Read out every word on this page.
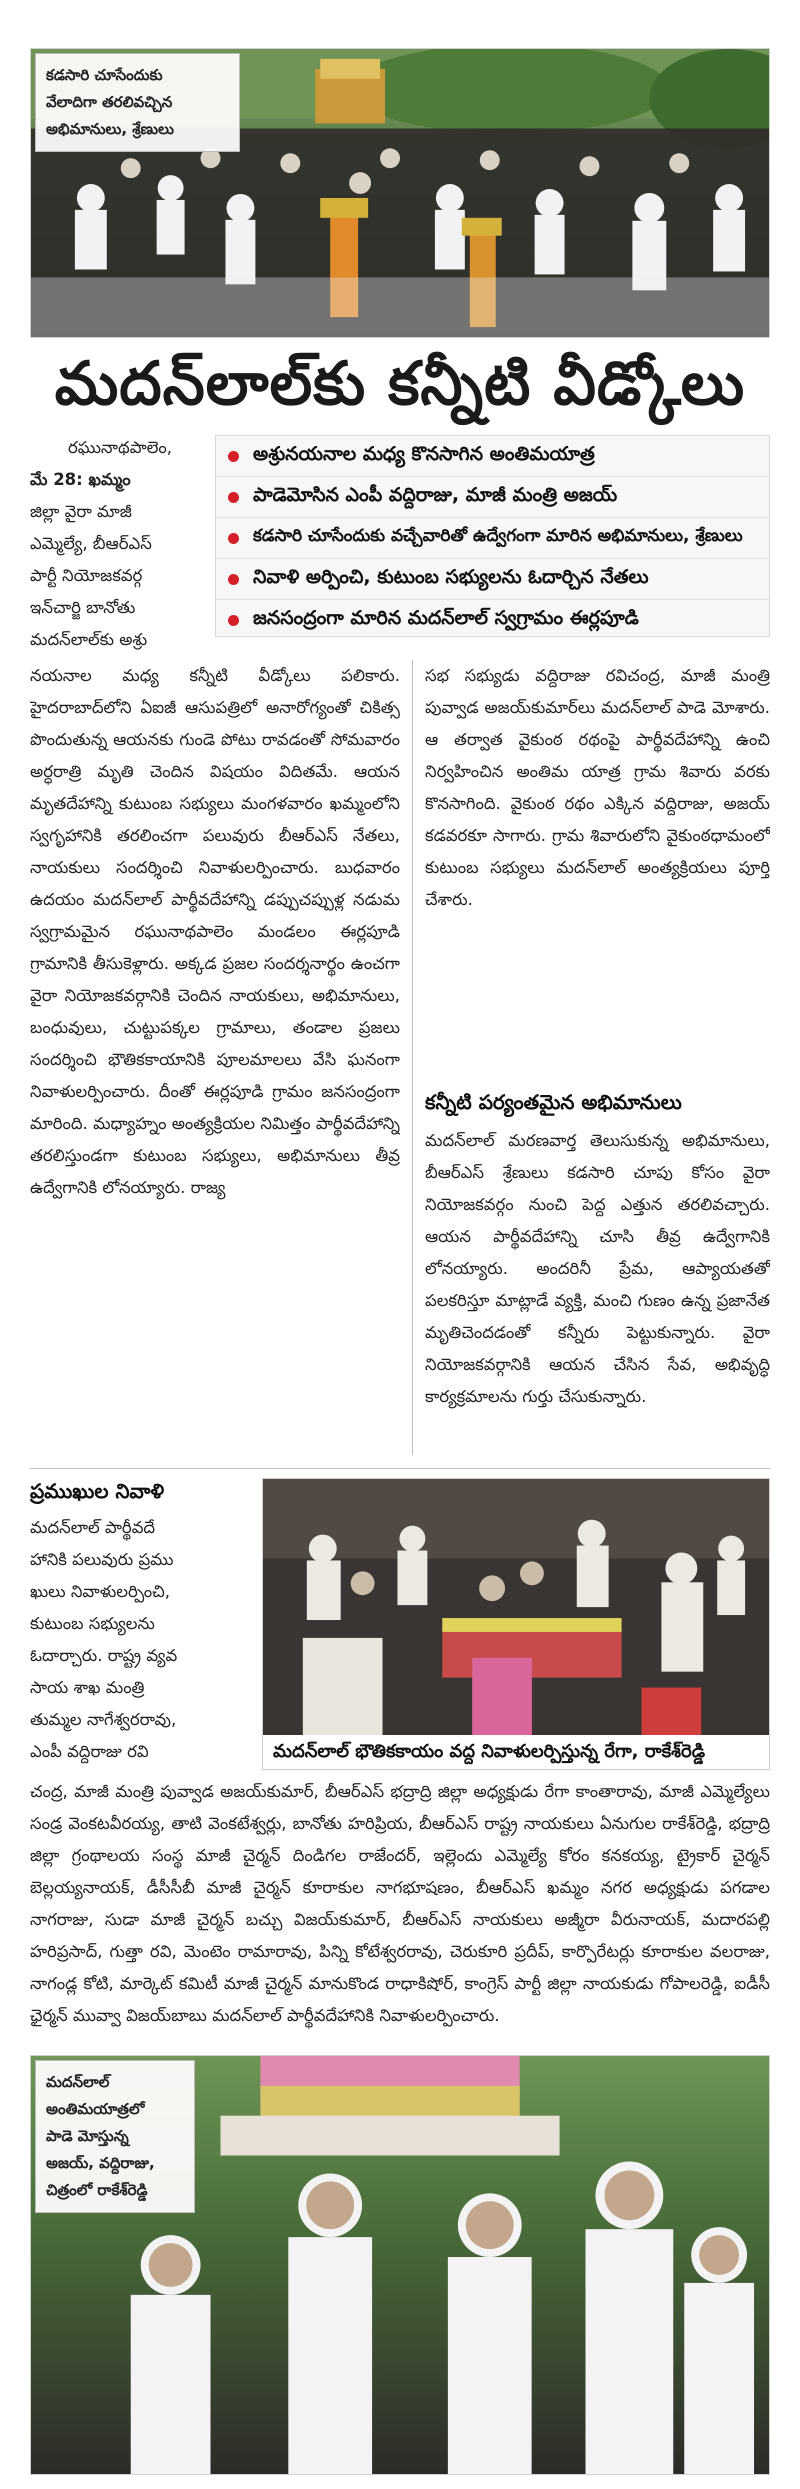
కడసారి చూసేందుకు
వేలాదిగా తరలివచ్చిన
అభిమానులు, శ్రేణులు
మదన్‌లాల్‌కు కన్నీటి వీడ్కోలు
రఘునాథపాలెం,
మే 28: ఖమ్మం
జిల్లా వైరా మాజీ
ఎమ్మెల్యే, బీఆర్‌ఎస్‌
పార్టీ నియోజకవర్గ
ఇన్‌చార్జి బానోతు
మదన్‌లాల్‌కు అశ్రు
అశ్రునయనాల మధ్య కొనసాగిన అంతిమయాత్ర
పాడెమోసిన ఎంపీ వద్దిరాజు, మాజీ మంత్రి అజయ్
కడసారి చూసేందుకు వచ్చేవారితో ఉద్వేగంగా మారిన అభిమానులు, శ్రేణులు
నివాళి అర్పించి, కుటుంబ సభ్యులను ఓదార్చిన నేతలు
జనసంద్రంగా మారిన మదన్‌లాల్‌ స్వగ్రామం ఈర్లపూడి
నయనాల మధ్య కన్నీటి వీడ్కోలు పలికారు. హైదరాబాద్‌లోని ఏఐజీ ఆసుపత్రిలో అనారోగ్యంతో చికిత్స పొందుతున్న ఆయనకు గుండె పోటు రావడంతో సోమవారం అర్ధరాత్రి మృతి చెందిన విషయం విదితమే. ఆయన మృతదేహాన్ని కుటుంబ సభ్యులు మంగళవారం ఖమ్మంలోని స్వగృహానికి తరలించగా పలువురు బీఆర్‌ఎస్‌ నేతలు, నాయకులు సందర్శించి నివాళులర్పించారు. బుధవారం ఉదయం మదన్‌లాల్‌ పార్థీవదేహాన్ని డప్పుచప్పుళ్ల నడుమ స్వగ్రామమైన రఘునాథపాలెం మండలం ఈర్లపూడి గ్రామానికి తీసుకెళ్లారు. అక్కడ ప్రజల సందర్శనార్థం ఉంచగా వైరా నియోజకవర్గానికి చెందిన నాయకులు, అభిమానులు, బంధువులు, చుట్టుపక్కల గ్రామాలు, తండాల ప్రజలు సందర్శించి భౌతికకాయానికి పూలమాలలు వేసి ఘనంగా నివాళులర్పించారు. దీంతో ఈర్లపూడి గ్రామం జనసంద్రంగా మారింది. మధ్యాహ్నం అంత్యక్రియల నిమిత్తం పార్థీవదేహాన్ని తరలిస్తుండగా కుటుంబ సభ్యులు, అభిమానులు తీవ్ర ఉద్వేగానికి లోనయ్యారు. రాజ్య
సభ సభ్యుడు వద్దిరాజు రవిచంద్ర, మాజీ మంత్రి పువ్వాడ అజయ్‌కుమార్‌లు మదన్‌లాల్‌ పాడె మోశారు. ఆ తర్వాత వైకుంఠ రథంపై పార్థీవదేహాన్ని ఉంచి నిర్వహించిన అంతిమ యాత్ర గ్రామ శివారు వరకు కొనసాగింది. వైకుంఠ రథం ఎక్కిన వద్దిరాజు, అజయ్‌ కడవరకూ సాగారు. గ్రామ శివారులోని వైకుంఠధామంలో కుటుంబ సభ్యులు మదన్‌లాల్‌ అంత్యక్రియలు పూర్తి చేశారు.
కన్నీటి పర్యంతమైన అభిమానులు
మదన్‌లాల్‌ మరణవార్త తెలుసుకున్న అభిమానులు, బీఆర్‌ఎస్‌ శ్రేణులు కడసారి చూపు కోసం వైరా నియోజకవర్గం నుంచి పెద్ద ఎత్తున తరలివచ్చారు. ఆయన పార్థీవదేహాన్ని చూసి తీవ్ర ఉద్వేగానికి లోనయ్యారు. అందరినీ ప్రేమ, ఆప్యాయతతో పలకరిస్తూ మాట్లాడే వ్యక్తి, మంచి గుణం ఉన్న ప్రజానేత మృతిచెందడంతో కన్నీరు పెట్టుకున్నారు. వైరా నియోజకవర్గానికి ఆయన చేసిన సేవ, అభివృద్ధి కార్యక్రమాలను గుర్తు చేసుకున్నారు.
ప్రముఖుల నివాళి
మదన్‌లాల్‌ పార్థీవదే
హానికి పలువురు ప్రము
ఖులు నివాళులర్పించి,
కుటుంబ సభ్యులను
ఓదార్చారు. రాష్ట్ర వ్యవ
సాయ శాఖ మంత్రి
తుమ్మల నాగేశ్వరరావు,
ఎంపీ వద్దిరాజు రవి	మదన్‌లాల్‌ భౌతికకాయం వద్ద నివాళులర్పిస్తున్న రేగా, రాకేశ్‌రెడ్డి
చంద్ర, మాజీ మంత్రి పువ్వాడ అజయ్‌కుమార్‌, బీఆర్‌ఎస్‌ భద్రాద్రి జిల్లా అధ్యక్షుడు రేగా కాంతారావు, మాజీ ఎమ్మెల్యేలు సండ్ర వెంకటవీరయ్య, తాటి వెంకటేశ్వర్లు, బానోతు హరిప్రియ, బీఆర్‌ఎస్‌ రాష్ట్ర నాయకులు ఏనుగుల రాకేశ్‌రెడ్డి, భద్రాద్రి జిల్లా గ్రంథాలయ సంస్థ మాజీ చైర్మన్‌ దిండిగల రాజేందర్‌, ఇల్లెందు ఎమ్మెల్యే కోరం కనకయ్య, ట్రైకార్‌ చైర్మన్‌ బెల్లయ్యనాయక్‌, డీసీసీబీ మాజీ చైర్మన్‌ కూరాకుల నాగభూషణం, బీఆర్‌ఎస్‌ ఖమ్మం నగర అధ్యక్షుడు పగడాల నాగరాజు, సుడా మాజీ చైర్మన్‌ బచ్చు విజయ్‌కుమార్‌, బీఆర్‌ఎస్‌ నాయకులు అజ్మీరా వీరునాయక్‌, మదారపల్లి హరిప్రసాద్‌, గుత్తా రవి, మెంటెం రామారావు, పిన్ని కోటేశ్వరరావు, చెరుకూరి ప్రదీప్‌, కార్పొరేటర్లు కూరాకుల వలరాజు, నాగండ్ల కోటి, మార్కెట్‌ కమిటీ మాజీ చైర్మన్‌ మానుకొండ రాధాకిషోర్‌, కాంగ్రెస్‌ పార్టీ జిల్లా నాయకుడు గోపాలరెడ్డి, ఐడీసీ ఛైర్మన్ మువ్వా విజయ్‌బాబు మదన్‌లాల్‌ పార్థీవదేహానికి నివాళులర్పించారు.
మదన్‌లాల్‌
అంతిమయాత్రలో
పాడె మోస్తున్న
అజయ్‌, వద్దిరాజు,
చిత్రంలో రాకేశ్‌రెడ్డి
